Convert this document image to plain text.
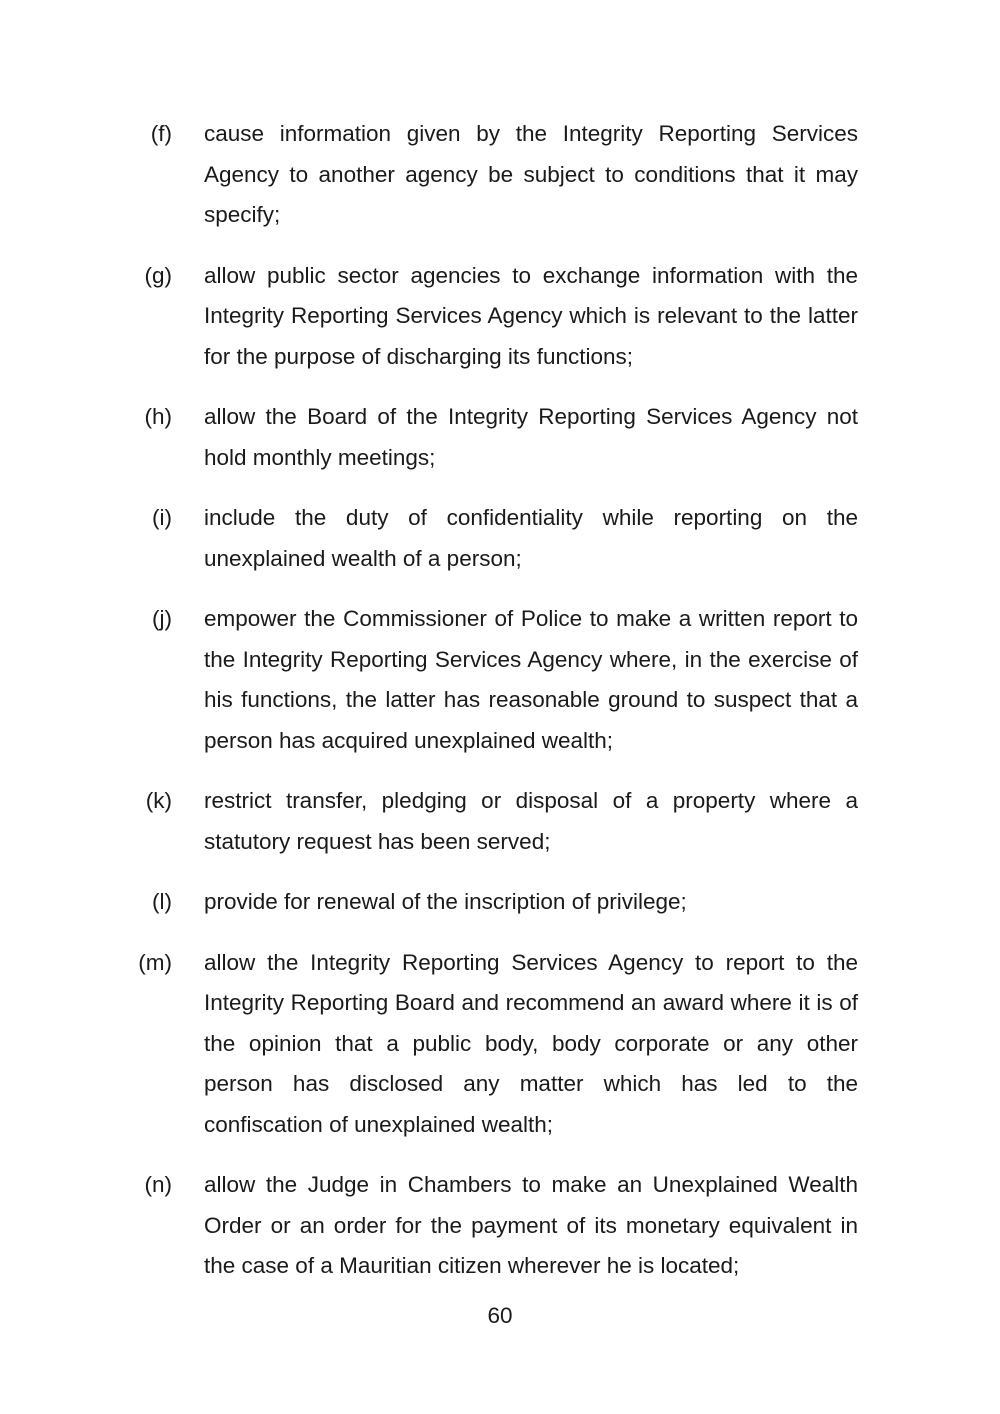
(f) cause information given by the Integrity Reporting Services Agency to another agency be subject to conditions that it may specify;
(g) allow public sector agencies to exchange information with the Integrity Reporting Services Agency which is relevant to the latter for the purpose of discharging its functions;
(h) allow the Board of the Integrity Reporting Services Agency not hold monthly meetings;
(i) include the duty of confidentiality while reporting on the unexplained wealth of a person;
(j) empower the Commissioner of Police to make a written report to the Integrity Reporting Services Agency where, in the exercise of his functions, the latter has reasonable ground to suspect that a person has acquired unexplained wealth;
(k) restrict transfer, pledging or disposal of a property where a statutory request has been served;
(l) provide for renewal of the inscription of privilege;
(m) allow the Integrity Reporting Services Agency to report to the Integrity Reporting Board and recommend an award where it is of the opinion that a public body, body corporate or any other person has disclosed any matter which has led to the confiscation of unexplained wealth;
(n) allow the Judge in Chambers to make an Unexplained Wealth Order or an order for the payment of its monetary equivalent in the case of a Mauritian citizen wherever he is located;
60
